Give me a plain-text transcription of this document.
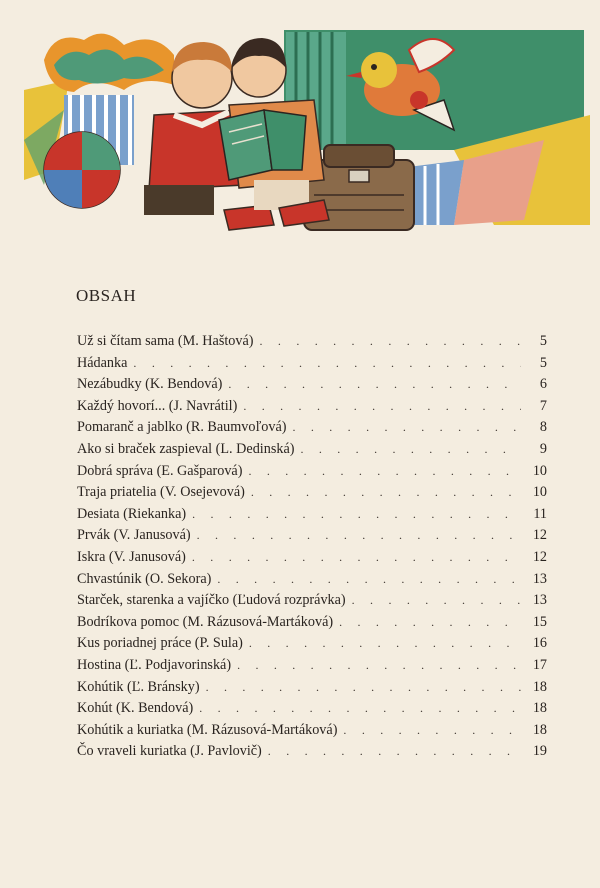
OBSAH
Už si čítam sama (M. Haštová) . . .	5
Hádanka . . .	5
Nezábudky (K. Bendová) . . .	6
Každý hovorí... (J. Navrátil) . . .	7
Pomaranč a jablko (R. Baumvoľová) . . .	8
Ako si braček zaspieval (L. Dedinská) . . .	9
Dobrá správa (E. Gašparová) . . .	10
Traja priatelia (V. Osejevová) . . .	10
Desiata (Riekanka) . . .	11
Prvák (V. Janusová) . . .	12
Iskra (V. Janusová) . . .	12
Chvastúnik (O. Sekora) . . .	13
Starček, starenka a vajíčko (Ľudová rozprávka) . . .	13
Bodríkova pomoc (M. Rázusová-Martáková) . . .	15
Kus poriadnej práce (P. Sula) . . .	16
Hostina (Ľ. Podjavorinská) . . .	17
Kohútik (Ľ. Bránsky) . . .	18
Kohút (K. Bendová) . . .	18
Kohútik a kuriatka (M. Rázusová-Martáková) . . .	18
Čo vraveli kuriatka (J. Pavlovič) . . .	19
